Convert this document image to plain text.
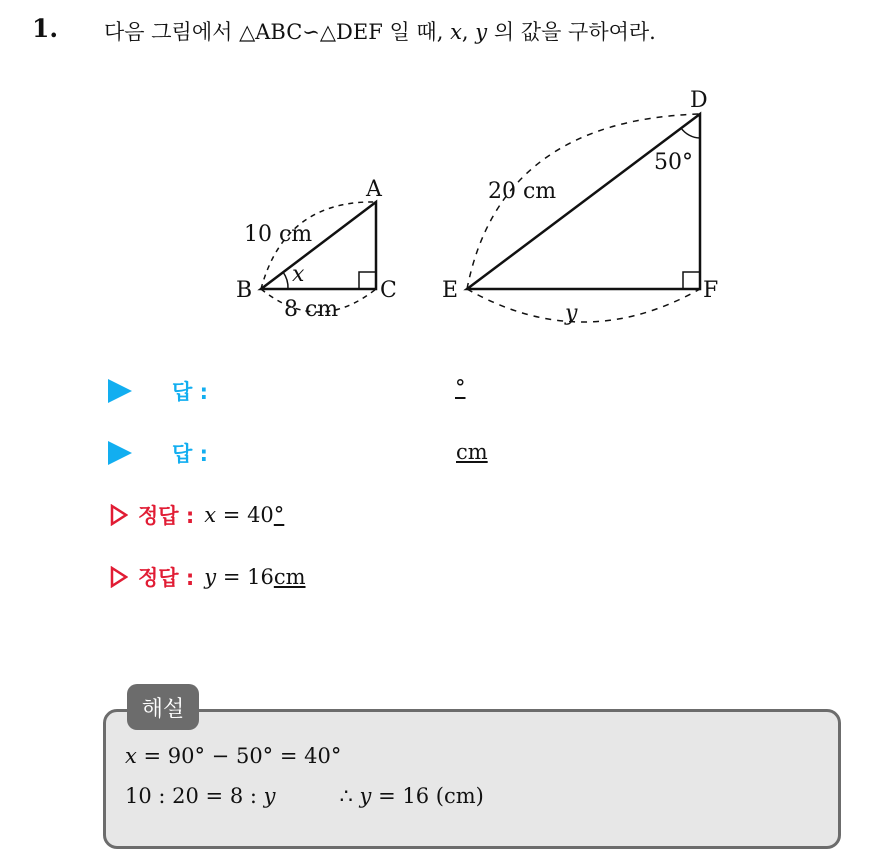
1. 다음 그림에서 △ABC∽△DEF 일 때, x, y 의 값을 구하여라.
A
B	C
10 cm
8 cm
x
D
E	F
20 cm
y
50°
답 :	°
답 :	cm
정답 : x = 40°
정답 : y = 16cm
해설
x = 90° − 50° = 40°
10 : 20 = 8 : y	∴ y = 16 (cm)
